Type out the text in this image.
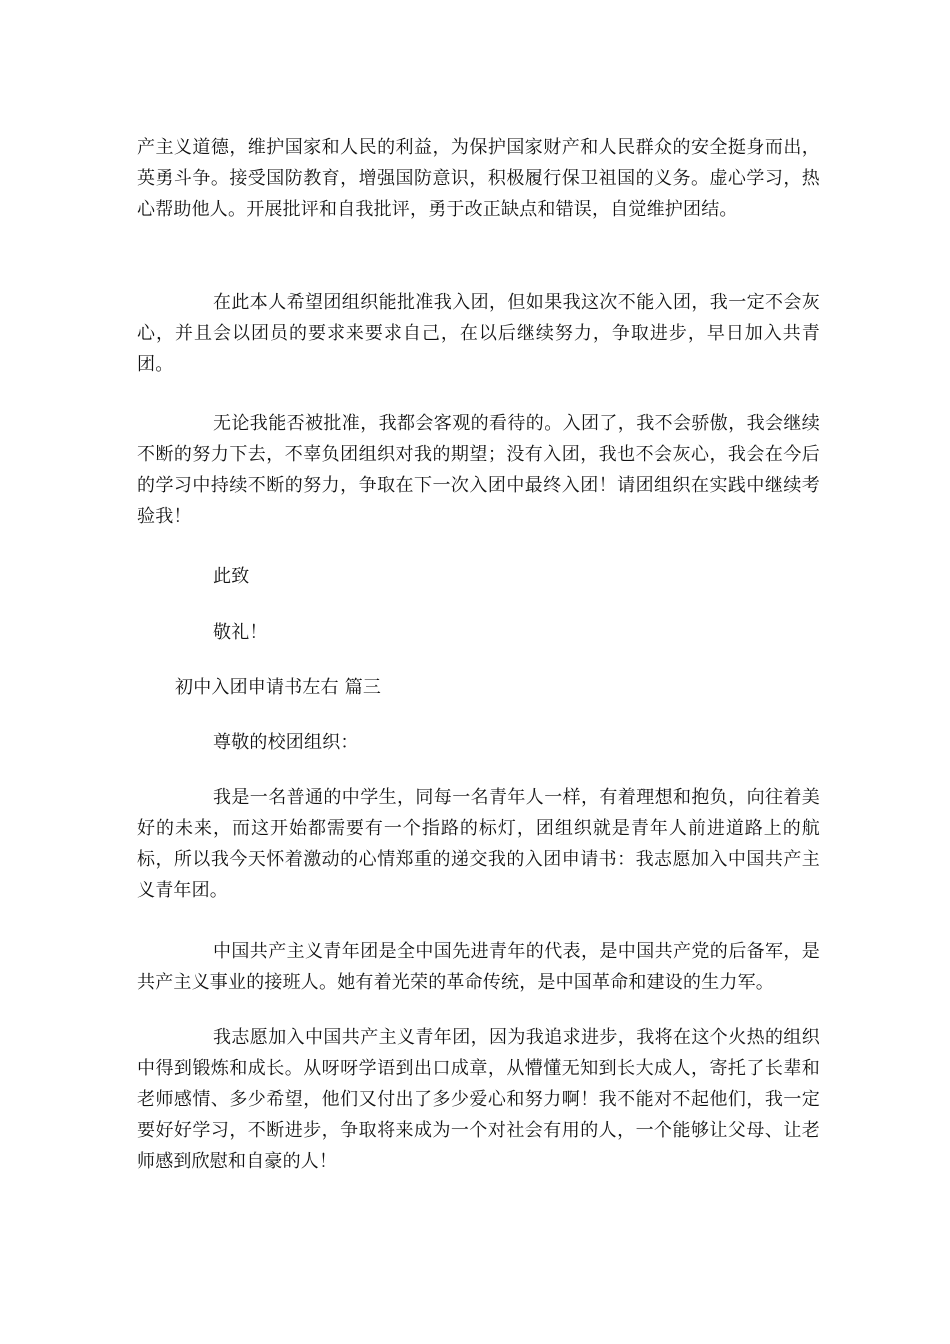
产主义道德，维护国家和人民的利益，为保护国家财产和人民群众的安全挺身而出，英勇斗争。接受国防教育，增强国防意识，积极履行保卫祖国的义务。虚心学习，热心帮助他人。开展批评和自我批评，勇于改正缺点和错误，自觉维护团结。

在此本人希望团组织能批准我入团，但如果我这次不能入团，我一定不会灰心，并且会以团员的要求来要求自己，在以后继续努力，争取进步，早日加入共青团。

无论我能否被批准，我都会客观的看待的。入团了，我不会骄傲，我会继续不断的努力下去，不辜负团组织对我的期望；没有入团，我也不会灰心，我会在今后的学习中持续不断的努力，争取在下一次入团中最终入团！请团组织在实践中继续考验我！

此致

敬礼！

初中入团申请书左右 篇三

尊敬的校团组织：

我是一名普通的中学生，同每一名青年人一样，有着理想和抱负，向往着美好的未来，而这开始都需要有一个指路的标灯，团组织就是青年人前进道路上的航标，所以我今天怀着激动的心情郑重的递交我的入团申请书：我志愿加入中国共产主义青年团。

中国共产主义青年团是全中国先进青年的代表，是中国共产党的后备军，是共产主义事业的接班人。她有着光荣的革命传统，是中国革命和建设的生力军。

我志愿加入中国共产主义青年团，因为我追求进步，我将在这个火热的组织中得到锻炼和成长。从呀呀学语到出口成章，从懵懂无知到长大成人，寄托了长辈和老师感情、多少希望，他们又付出了多少爱心和努力啊！我不能对不起他们，我一定要好好学习，不断进步，争取将来成为一个对社会有用的人，一个能够让父母、让老师感到欣慰和自豪的人！
